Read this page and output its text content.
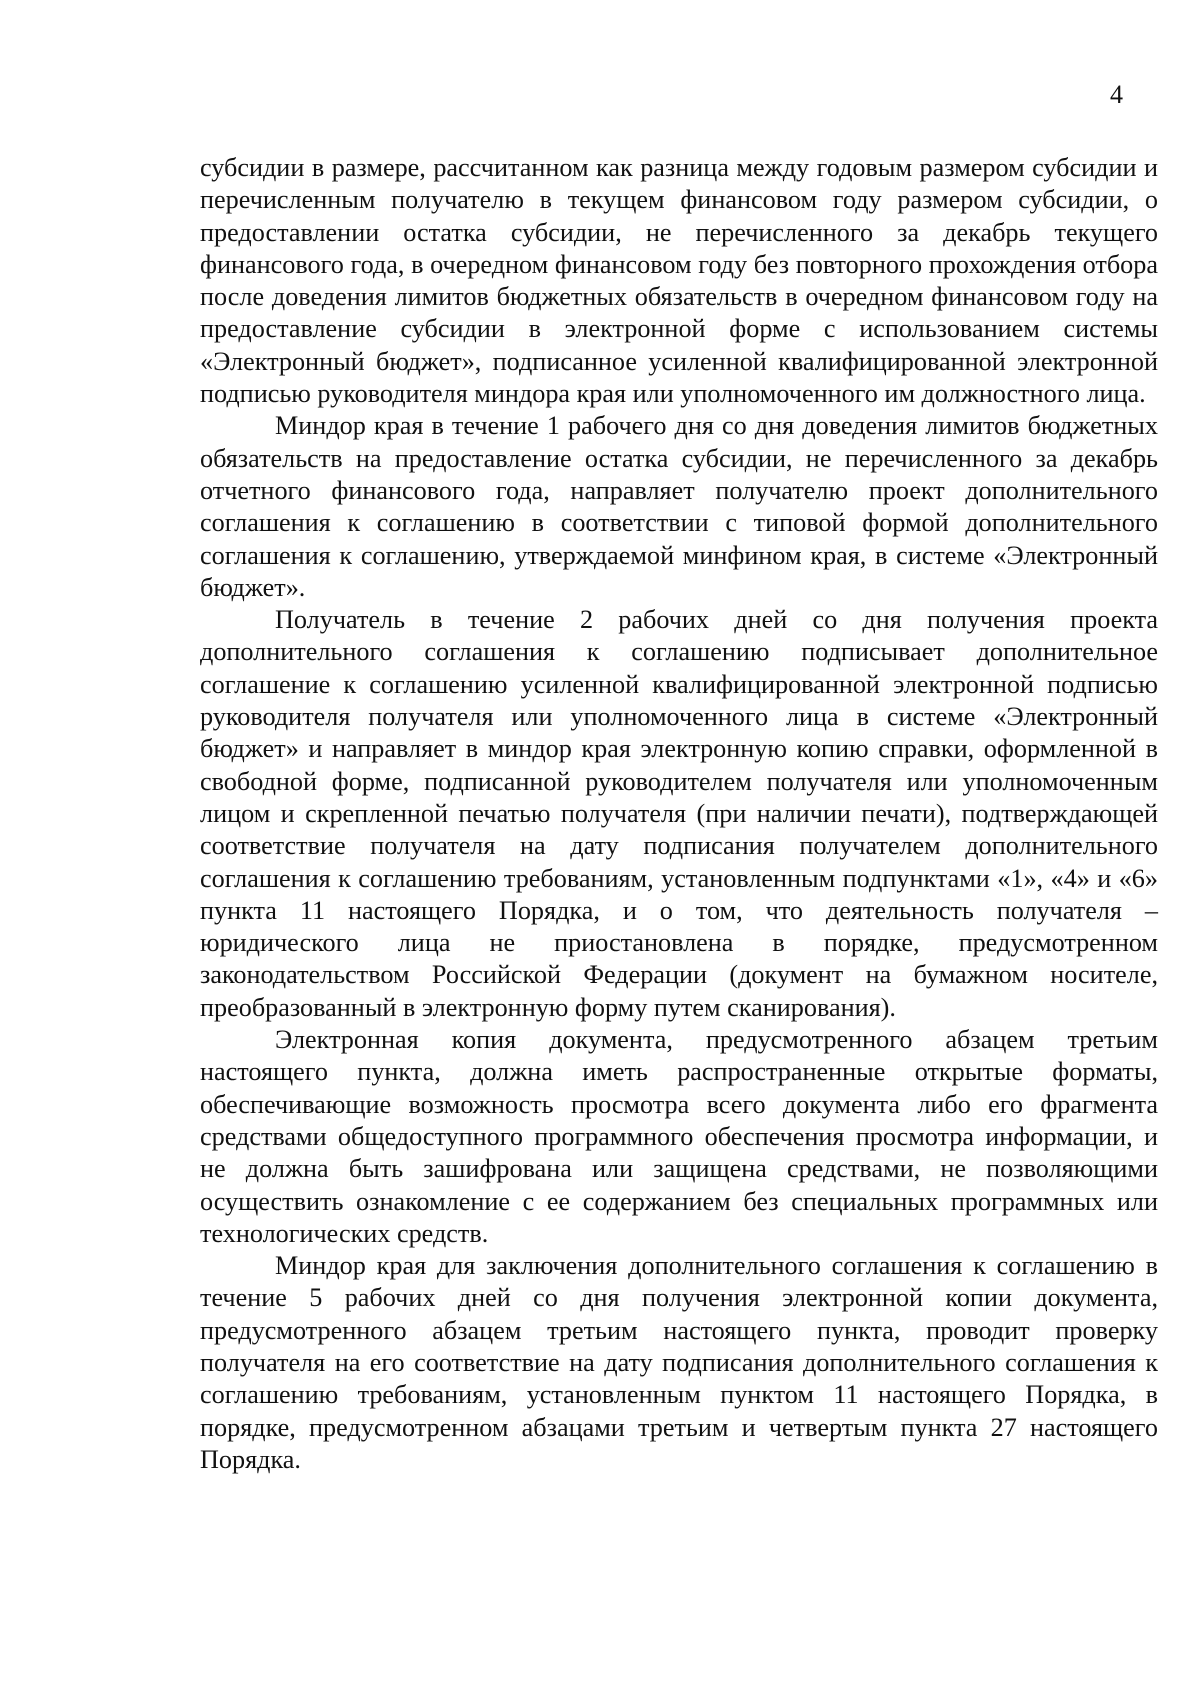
4

субсидии в размере, рассчитанном как разница между годовым размером субсидии и перечисленным получателю в текущем финансовом году размером субсидии, о предоставлении остатка субсидии, не перечисленного за декабрь текущего финансового года, в очередном финансовом году без повторного прохождения отбора после доведения лимитов бюджетных обязательств в очередном финансовом году на предоставление субсидии в электронной форме с использованием системы «Электронный бюджет», подписанное усиленной квалифицированной электронной подписью руководителя миндора края или уполномоченного им должностного лица.

Миндор края в течение 1 рабочего дня со дня доведения лимитов бюджетных обязательств на предоставление остатка субсидии, не перечисленного за декабрь отчетного финансового года, направляет получателю проект дополнительного соглашения к соглашению в соответствии с типовой формой дополнительного соглашения к соглашению, утверждаемой минфином края, в системе «Электронный бюджет».

Получатель в течение 2 рабочих дней со дня получения проекта дополнительного соглашения к соглашению подписывает дополнительное соглашение к соглашению усиленной квалифицированной электронной подписью руководителя получателя или уполномоченного лица в системе «Электронный бюджет» и направляет в миндор края электронную копию справки, оформленной в свободной форме, подписанной руководителем получателя или уполномоченным лицом и скрепленной печатью получателя (при наличии печати), подтверждающей соответствие получателя на дату подписания получателем дополнительного соглашения к соглашению требованиям, установленным подпунктами «1», «4» и «6» пункта 11 настоящего Порядка, и о том, что деятельность получателя – юридического лица не приостановлена в порядке, предусмотренном законодательством Российской Федерации (документ на бумажном носителе, преобразованный в электронную форму путем сканирования).

Электронная копия документа, предусмотренного абзацем третьим настоящего пункта, должна иметь распространенные открытые форматы, обеспечивающие возможность просмотра всего документа либо его фрагмента средствами общедоступного программного обеспечения просмотра информации, и не должна быть зашифрована или защищена средствами, не позволяющими осуществить ознакомление с ее содержанием без специальных программных или технологических средств.

Миндор края для заключения дополнительного соглашения к соглашению в течение 5 рабочих дней со дня получения электронной копии документа, предусмотренного абзацем третьим настоящего пункта, проводит проверку получателя на его соответствие на дату подписания дополнительного соглашения к соглашению требованиям, установленным пунктом 11 настоящего Порядка, в порядке, предусмотренном абзацами третьим и четвертым пункта 27 настоящего Порядка.
